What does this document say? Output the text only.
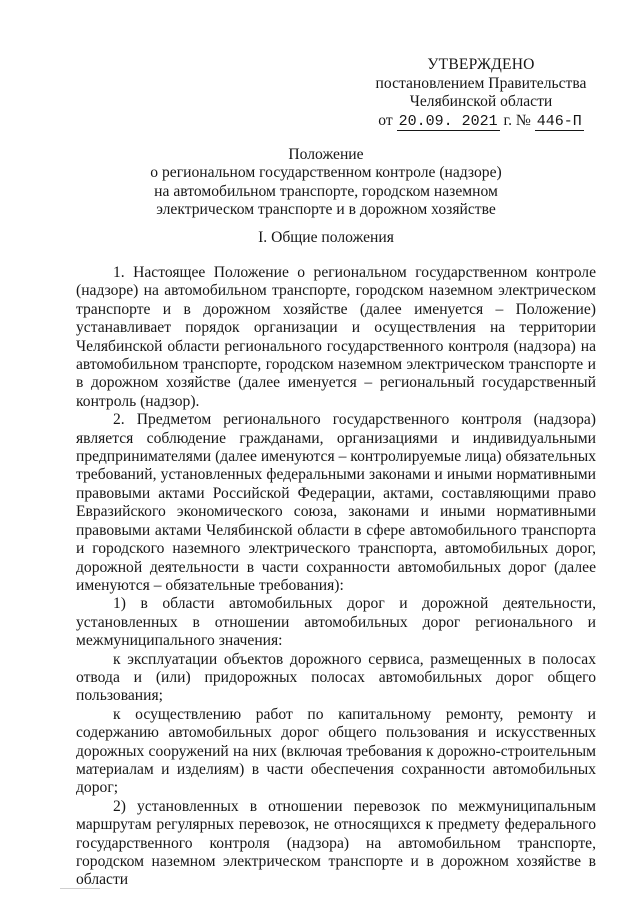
УТВЕРЖДЕНО
постановлением Правительства
Челябинской области
от 20.09. 2021 г. № 446-П
Положение
о региональном государственном контроле (надзоре)
на автомобильном транспорте, городском наземном
электрическом транспорте и в дорожном хозяйстве
I. Общие положения

1. Настоящее Положение о региональном государственном контроле (надзоре) на автомобильном транспорте, городском наземном электрическом транспорте и в дорожном хозяйстве (далее именуется – Положение) устанавливает порядок организации и осуществления на территории Челябинской области регионального государственного контроля (надзора) на автомобильном транспорте, городском наземном электрическом транспорте и в дорожном хозяйстве (далее именуется – региональный государственный контроль (надзор).

2. Предметом регионального государственного контроля (надзора) является соблюдение гражданами, организациями и индивидуальными предпринимателями (далее именуются – контролируемые лица) обязательных требований, установленных федеральными законами и иными нормативными правовыми актами Российской Федерации, актами, составляющими право Евразийского экономического союза, законами и иными нормативными правовыми актами Челябинской области в сфере автомобильного транспорта и городского наземного электрического транспорта, автомобильных дорог, дорожной деятельности в части сохранности автомобильных дорог (далее именуются – обязательные требования):

1) в области автомобильных дорог и дорожной деятельности, установленных в отношении автомобильных дорог регионального и межмуниципального значения:

к эксплуатации объектов дорожного сервиса, размещенных в полосах отвода и (или) придорожных полосах автомобильных дорог общего пользования;

к осуществлению работ по капитальному ремонту, ремонту и содержанию автомобильных дорог общего пользования и искусственных дорожных сооружений на них (включая требования к дорожно-строительным материалам и изделиям) в части обеспечения сохранности автомобильных дорог;

2) установленных в отношении перевозок по межмуниципальным маршрутам регулярных перевозок, не относящихся к предмету федерального государственного контроля (надзора) на автомобильном транспорте, городском наземном электрическом транспорте и в дорожном хозяйстве в области
